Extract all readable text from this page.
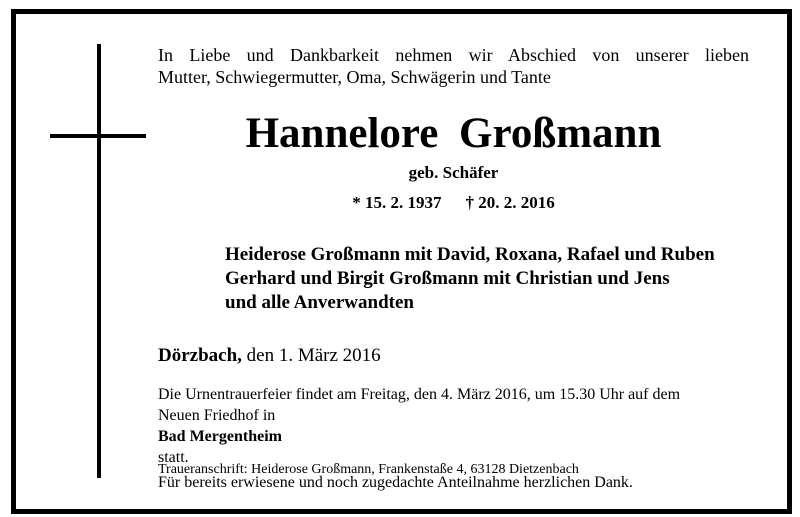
In Liebe und Dankbarkeit nehmen wir Abschied von unserer lieben
Mutter, Schwiegermutter, Oma, Schwägerin und Tante
Hannelore Großmann
geb. Schäfer
* 15. 2. 1937 † 20. 2. 2016
Heiderose Großmann mit David, Roxana, Rafael und Ruben
Gerhard und Birgit Großmann mit Christian und Jens
und alle Anverwandten
Dörzbach, den 1. März 2016
Die Urnentrauerfeier findet am Freitag, den 4. März 2016, um 15.30 Uhr auf dem
Neuen Friedhof in
Bad Mergentheim
statt.
Für bereits erwiesene und noch zugedachte Anteilnahme herzlichen Dank.
Traueranschrift: Heiderose Großmann, Frankenstaße 4, 63128 Dietzenbach
